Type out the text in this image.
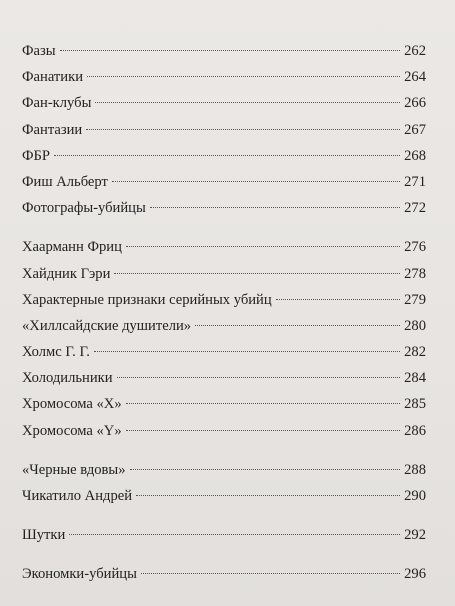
Фазы	262
Фанатики	264
Фан-клубы	266
Фантазии	267
ФБР	268
Фиш Альберт	271
Фотографы-убийцы	272
Хаарманн Фриц	276
Хайдник Гэри	278
Характерные признаки серийных убийц	279
«Хиллсайдские душители»	280
Холмс Г. Г.	282
Холодильники	284
Хромосома «Х»	285
Хромосома «Y»	286
«Черные вдовы»	288
Чикатило Андрей	290
Шутки	292
Экономки-убийцы	296
